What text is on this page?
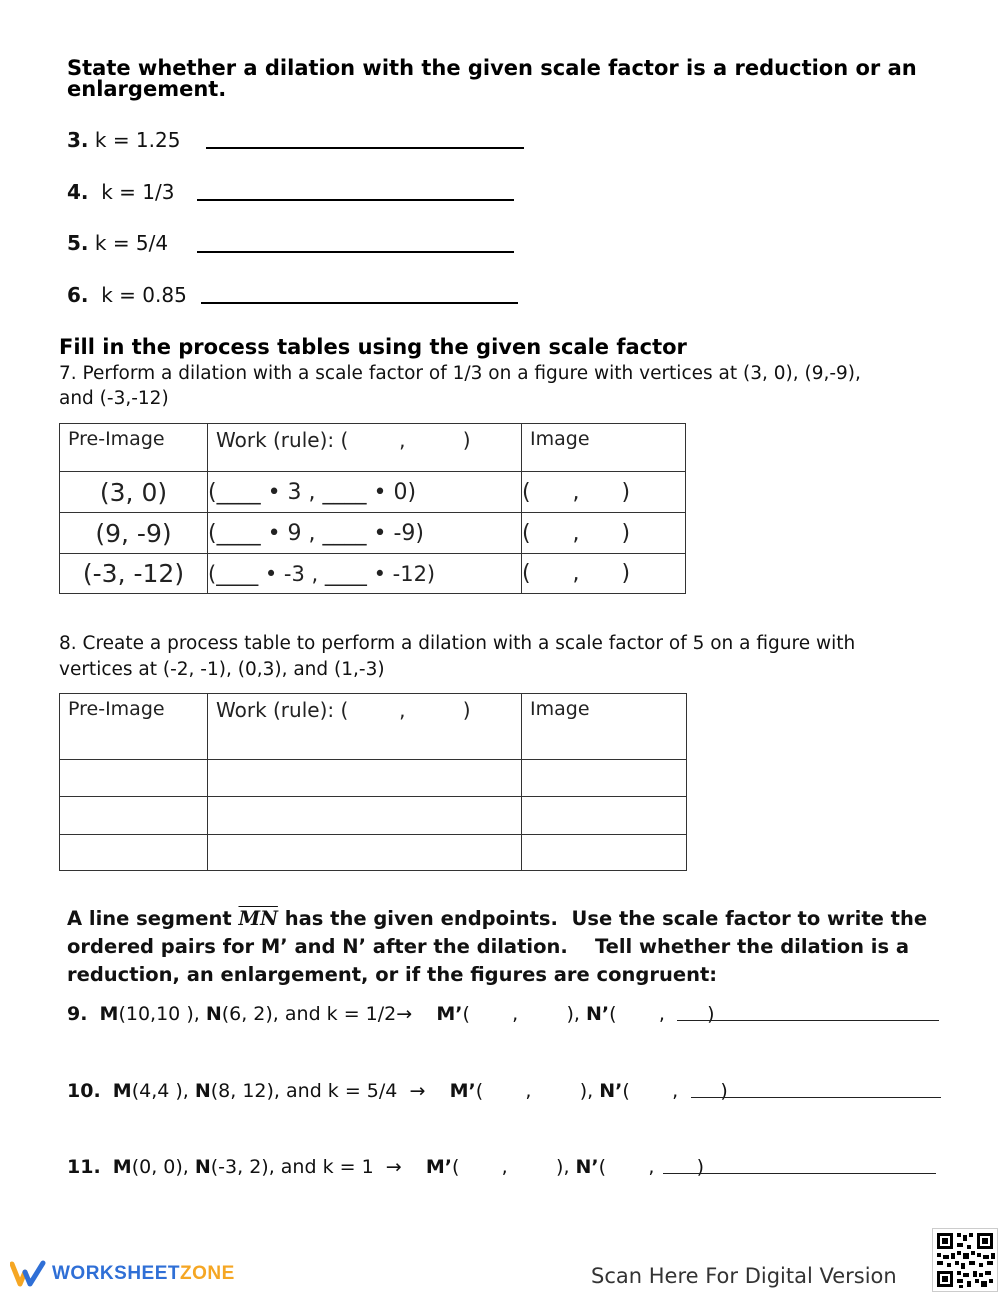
State whether a dilation with the given scale factor is a reduction or an
enlargement.
3. k = 1.25
4. k = 1/3
5. k = 5/4
6. k = 0.85
Fill in the process tables using the given scale factor
7. Perform a dilation with a scale factor of 1/3 on a figure with vertices at (3, 0), (9,-9),
and (-3,-12)
Pre-Image	Work (rule): (        ,         )	Image

(3, 0)	(____ • 3 , ____ • 0)	(      ,      )
(9, -9)	(____ • 9 , ____ • -9)	(      ,      )
(-3, -12)	(____ • -3 , ____ • -12)	(      ,      )
8. Create a process table to perform a dilation with a scale factor of 5 on a figure with
vertices at (-2, -1), (0,3), and (1,-3)
Pre-Image	Work (rule): (        ,         )	Image

A line segment $\overline{MN}$ has the given endpoints.  Use the scale factor to write the
ordered pairs for M’ and N’ after the dilation.    Tell whether the dilation is a
reduction, an enlargement, or if the figures are congruent:
9. M(10,10 ), N(6, 2), and k = 1/2→ M’(       ,        ), N’(       ,       )
10. M(4,4 ), N(8, 12), and k = 5/4 → M’(       ,        ), N’(       ,       )
11. M(0, 0), N(-3, 2), and k = 1 → M’(       ,        ), N’(       ,       )
WORKSHEET ZONE	Scan Here For Digital Version
